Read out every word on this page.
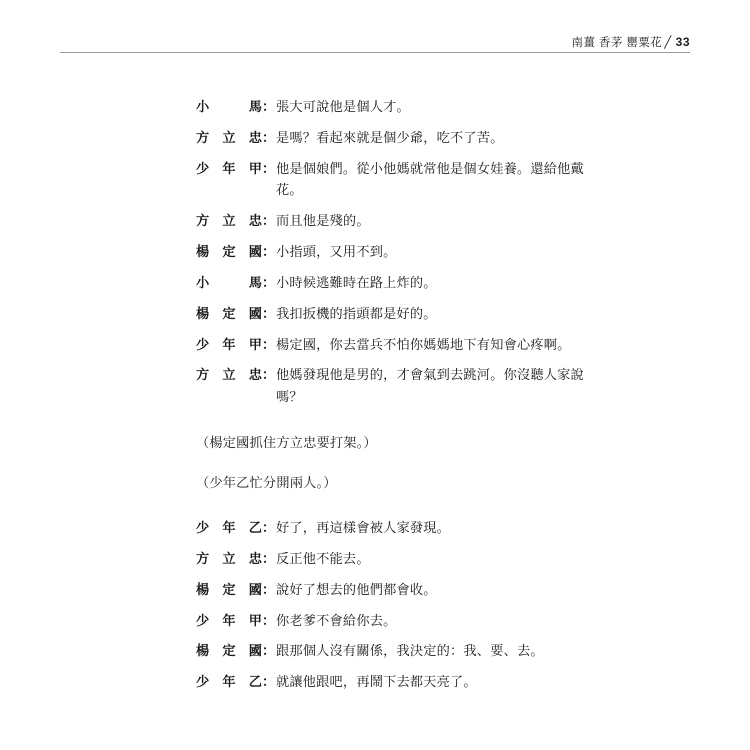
南薑 香茅 罌粟花 ╱ 33
小馬 ： 張大可說他是個人才。
方立忠 ： 是嗎？看起來就是個少爺，吃不了苦。
少年甲 ： 他是個娘們。從小他媽就常他是個女娃養。還給他戴花。
方立忠 ： 而且他是殘的。
楊定國 ： 小指頭，又用不到。
小馬 ： 小時候逃難時在路上炸的。
楊定國 ： 我扣扳機的指頭都是好的。
少年甲 ： 楊定國，你去當兵不怕你媽媽地下有知會心疼啊。
方立忠 ： 他媽發現他是男的，才會氣到去跳河。你沒聽人家說嗎？

（楊定國抓住方立忠要打架。）

（少年乙忙分開兩人。）

少年乙 ： 好了，再這樣會被人家發現。
方立忠 ： 反正他不能去。
楊定國 ： 說好了想去的他們都會收。
少年甲 ： 你老爹不會給你去。
楊定國 ： 跟那個人沒有關係，我決定的：我、要、去。
少年乙 ： 就讓他跟吧，再鬧下去都天亮了。
